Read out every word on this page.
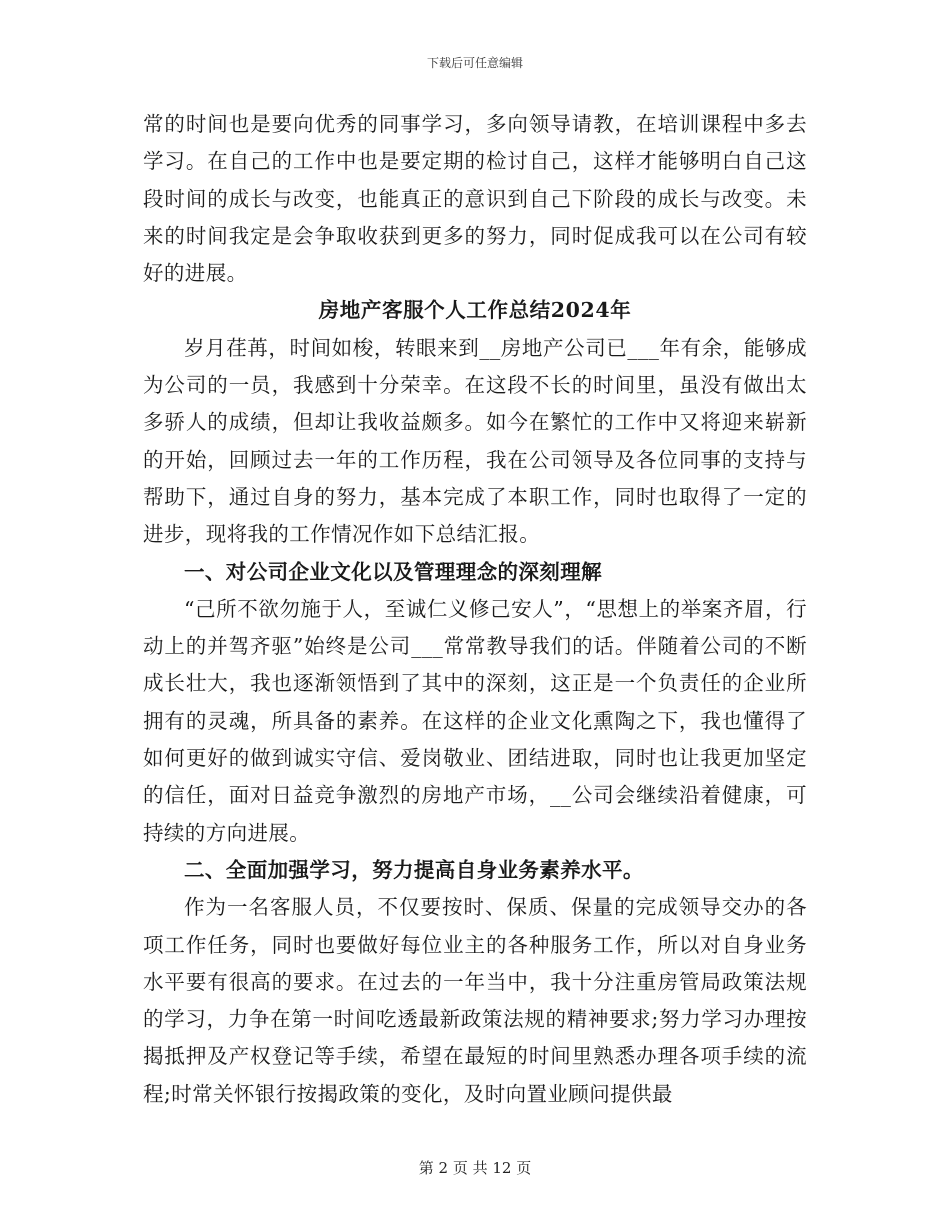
下载后可任意编辑

常的时间也是要向优秀的同事学习，多向领导请教，在培训课程中多去学习。在自己的工作中也是要定期的检讨自己，这样才能够明白自己这段时间的成长与改变，也能真正的意识到自己下阶段的成长与改变。未来的时间我定是会争取收获到更多的努力，同时促成我可以在公司有较好的进展。

房地产客服个人工作总结2024年

岁月荏苒，时间如梭，转眼来到__房地产公司已___年有余，能够成为公司的一员，我感到十分荣幸。在这段不长的时间里，虽没有做出太多骄人的成绩，但却让我收益颇多。如今在繁忙的工作中又将迎来崭新的开始，回顾过去一年的工作历程，我在公司领导及各位同事的支持与帮助下，通过自身的努力，基本完成了本职工作，同时也取得了一定的进步，现将我的工作情况作如下总结汇报。

一、对公司企业文化以及管理理念的深刻理解

“己所不欲勿施于人，至诚仁义修己安人”，“思想上的举案齐眉，行动上的并驾齐驱”始终是公司___常常教导我们的话。伴随着公司的不断成长壮大，我也逐渐领悟到了其中的深刻，这正是一个负责任的企业所拥有的灵魂，所具备的素养。在这样的企业文化熏陶之下，我也懂得了如何更好的做到诚实守信、爱岗敬业、团结进取，同时也让我更加坚定的信任，面对日益竞争激烈的房地产市场，__公司会继续沿着健康，可持续的方向进展。

二、全面加强学习，努力提高自身业务素养水平。

作为一名客服人员，不仅要按时、保质、保量的完成领导交办的各项工作任务，同时也要做好每位业主的各种服务工作，所以对自身业务水平要有很高的要求。在过去的一年当中，我十分注重房管局政策法规的学习，力争在第一时间吃透最新政策法规的精神要求;努力学习办理按揭抵押及产权登记等手续，希望在最短的时间里熟悉办理各项手续的流程;时常关怀银行按揭政策的变化，及时向置业顾问提供最

第 2 页 共 12 页
